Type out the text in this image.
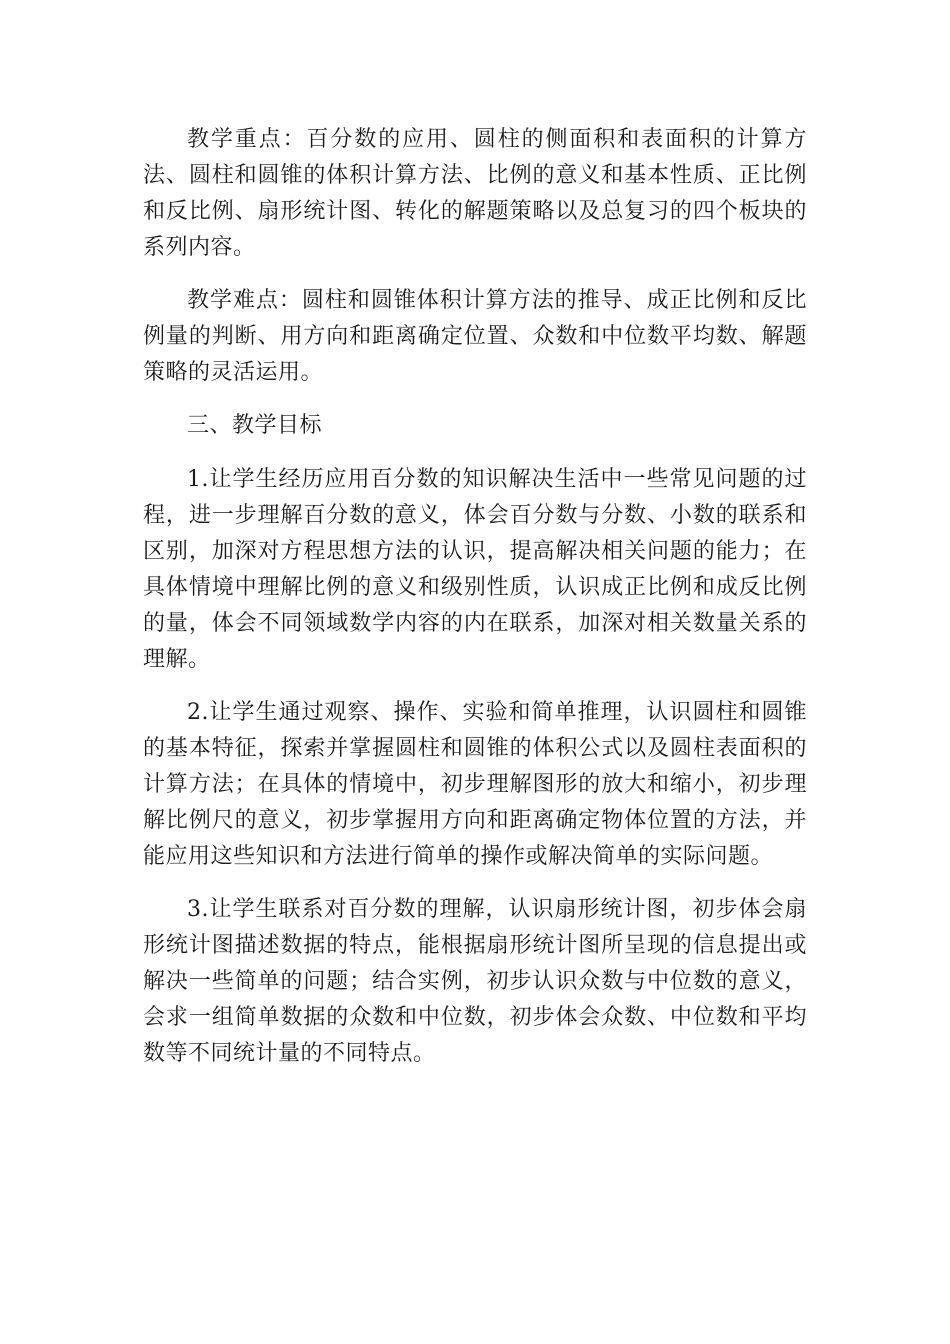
教学重点：百分数的应用、圆柱的侧面积和表面积的计算方法、圆柱和圆锥的体积计算方法、比例的意义和基本性质、正比例和反比例、扇形统计图、转化的解题策略以及总复习的四个板块的系列内容。

教学难点：圆柱和圆锥体积计算方法的推导、成正比例和反比例量的判断、用方向和距离确定位置、众数和中位数平均数、解题策略的灵活运用。

三、教学目标

1.让学生经历应用百分数的知识解决生活中一些常见问题的过程，进一步理解百分数的意义，体会百分数与分数、小数的联系和区别，加深对方程思想方法的认识，提高解决相关问题的能力；在具体情境中理解比例的意义和级别性质，认识成正比例和成反比例的量，体会不同领域数学内容的内在联系，加深对相关数量关系的理解。

2.让学生通过观察、操作、实验和简单推理，认识圆柱和圆锥的基本特征，探索并掌握圆柱和圆锥的体积公式以及圆柱表面积的计算方法；在具体的情境中，初步理解图形的放大和缩小，初步理解比例尺的意义，初步掌握用方向和距离确定物体位置的方法，并能应用这些知识和方法进行简单的操作或解决简单的实际问题。

3.让学生联系对百分数的理解，认识扇形统计图，初步体会扇形统计图描述数据的特点，能根据扇形统计图所呈现的信息提出或解决一些简单的问题；结合实例，初步认识众数与中位数的意义，会求一组简单数据的众数和中位数，初步体会众数、中位数和平均数等不同统计量的不同特点。
